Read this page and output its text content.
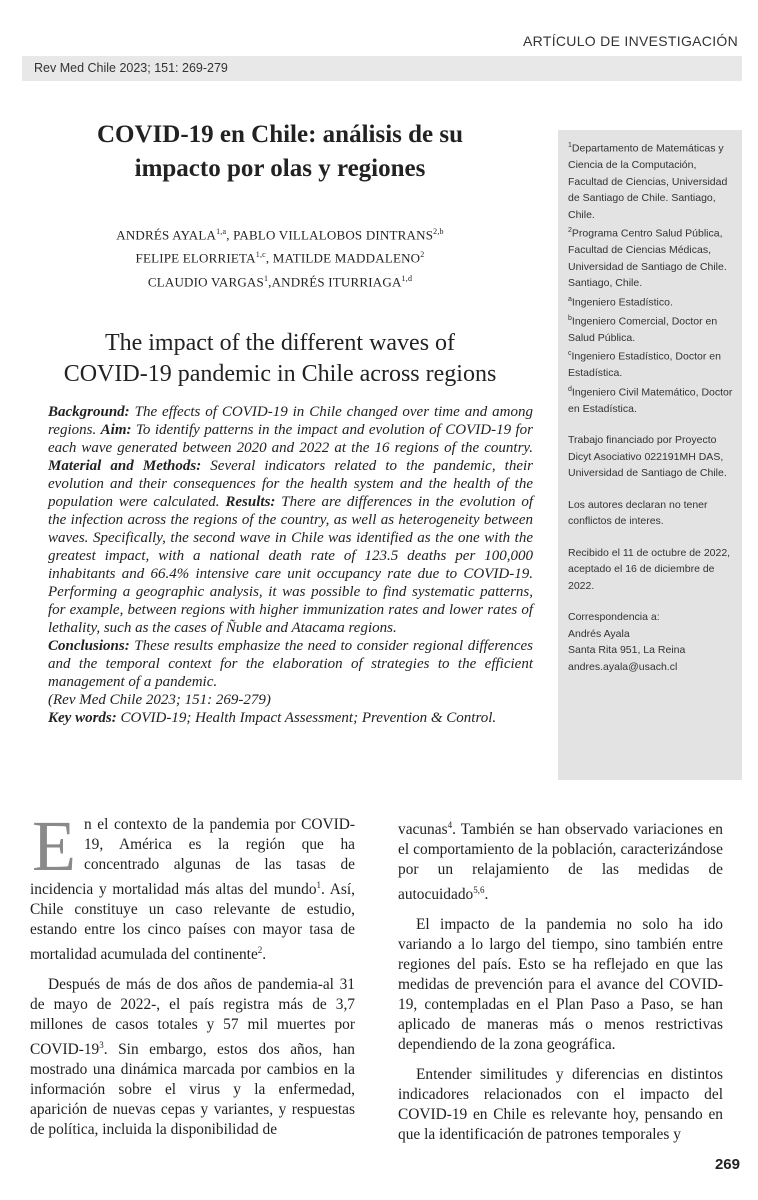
ARTÍCULO DE INVESTIGACIÓN
Rev Med Chile 2023; 151: 269-279
COVID-19 en Chile: análisis de su
impacto por olas y regiones
ANDRÉS AYALA$^{1,a}$, PABLO VILLALOBOS DINTRANS$^{2,b}$
FELIPE ELORRIETA$^{1,c}$, MATILDE MADDALENO$^2$
CLAUDIO VARGAS$^1$,ANDRÉS ITURRIAGA$^{1,d}$
The impact of the different waves of
COVID-19 pandemic in Chile across regions

Background: The effects of COVID-19 in Chile changed over time and among regions. Aim: To identify patterns in the impact and evolution of COVID-19 for each wave generated between 2020 and 2022 at the 16 regions of the country. Material and Methods: Several indicators related to the pandemic, their evolution and their consequences for the health system and the health of the population were calculated. Results: There are differences in the evolution of the infection across the regions of the country, as well as heterogeneity between waves. Specifically, the second wave in Chile was identified as the one with the greatest impact, with a national death rate of 123.5 deaths per 100,000 inhabitants and 66.4% intensive care unit occupancy rate due to COVID-19. Performing a geographic analysis, it was possible to find systematic patterns, for example, between regions with higher immunization rates and lower rates of lethality, such as the cases of Ñuble and Atacama regions.

Conclusions: These results emphasize the need to consider regional differences and the temporal context for the elaboration of strategies to the efficient management of a pandemic.

(Rev Med Chile 2023; 151: 269-279)

Key words: COVID-19; Health Impact Assessment; Prevention & Control.

$^1$Departamento de Matemáticas y Ciencia de la Computación, Facultad de Ciencias, Universidad de Santiago de Chile. Santiago, Chile.

$^2$Programa Centro Salud Pública, Facultad de Ciencias Médicas, Universidad de Santiago de Chile. Santiago, Chile.

$^a$Ingeniero Estadístico.

$^b$Ingeniero Comercial, Doctor en Salud Pública.

$^c$Ingeniero Estadístico, Doctor en Estadística.

$^d$Ingeniero Civil Matemático, Doctor en Estadística.

Trabajo financiado por Proyecto Dicyt Asociativo 022191MH DAS, Universidad de Santiago de Chile.

Los autores declaran no tener conflictos de interes.

Recibido el 11 de octubre de 2022, aceptado el 16 de diciembre de 2022.

Correspondencia a:

Andrés Ayala

Santa Rita 951, La Reina

andres.ayala@usach.cl

En el contexto de la pandemia por COVID-19, América es la región que ha concentrado algunas de las tasas de incidencia y mortalidad más altas del mundo$^1$. Así, Chile constituye un caso relevante de estudio, estando entre los cinco países con mayor tasa de mortalidad acumulada del continente$^2$.

Después de más de dos años de pandemia-al 31 de mayo de 2022-, el país registra más de 3,7 millones de casos totales y 57 mil muertes por COVID-$19^3$. Sin embargo, estos dos años, han mostrado una dinámica marcada por cambios en la información sobre el virus y la enfermedad, aparición de nuevas cepas y variantes, y respuestas de política, incluida la disponibilidad de

vacunas$^4$. También se han observado variaciones en el comportamiento de la población, caracterizándose por un relajamiento de las medidas de autocuidado$^{5,6}$.

El impacto de la pandemia no solo ha ido variando a lo largo del tiempo, sino también entre regiones del país. Esto se ha reflejado en que las medidas de prevención para el avance del COVID-19, contempladas en el Plan Paso a Paso, se han aplicado de maneras más o menos restrictivas dependiendo de la zona geográfica.

Entender similitudes y diferencias en distintos indicadores relacionados con el impacto del COVID-19 en Chile es relevante hoy, pensando en que la identificación de patrones temporales y

269
